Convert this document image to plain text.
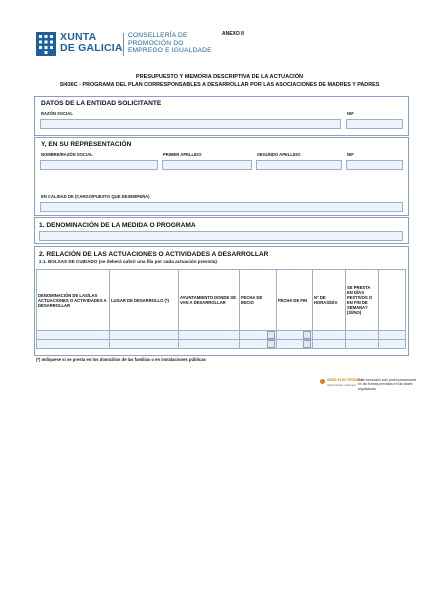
XUNTA
DE GALICIA
CONSELLERÍA DE
PROMOCIÓN DO
EMPREGO E IGUALDADE
ANEXO II
PRESUPUESTO Y MEMORIA DESCRIPTIVA DE LA ACTUACIÓN
SI436C - PROGRAMA DEL PLAN CORRESPONSABLES A DESARROLLAR POR LAS ASOCIACIONES DE MADRES Y PADRES
DATOS DE LA ENTIDAD SOLICITANTE
RAZÓN SOCIAL	NIF
Y, EN SU REPRESENTACIÓN
NOMBRE/RAZÓN SOCIAL	PRIMER APELLIDO	SEGUNDO APELLIDO	NIF
EN CALIDAD DE (CARGO/PUESTO QUE DESEMPEÑA)
1. DENOMINACIÓN DE LA MEDIDA O PROGRAMA
2. RELACIÓN DE LAS ACTUACIONES O ACTIVIDADES A DESARROLLAR
2.1. BOLSAS DE CUIDADO (se deberá cubrir una fila por cada actuación prevista)
DENOMINACIÓN DE LAS/LAS ACTUACIONES O ACTIVIDADES A DESARROLLAR	LUGAR DE DESARROLLO (*)	AYUNTAMIENTO DONDE SE VAN A DESARROLLAR	FECHA DE INICIO	FECHA DE FIN	Nº DE HORAS/DÍA	SE PRESTA EN DÍAS FESTIVOS O EN FIN DE SEMANA? (SÍ/NO)	

(*) Indíquese si se presta en los domicilios de las familias o en instalaciones públicas
SEDE ELECTRÓNICA
https://sede.xunta.gal
Este formulario sólo podrá presentarse en las formas previstas en las bases reguladoras
